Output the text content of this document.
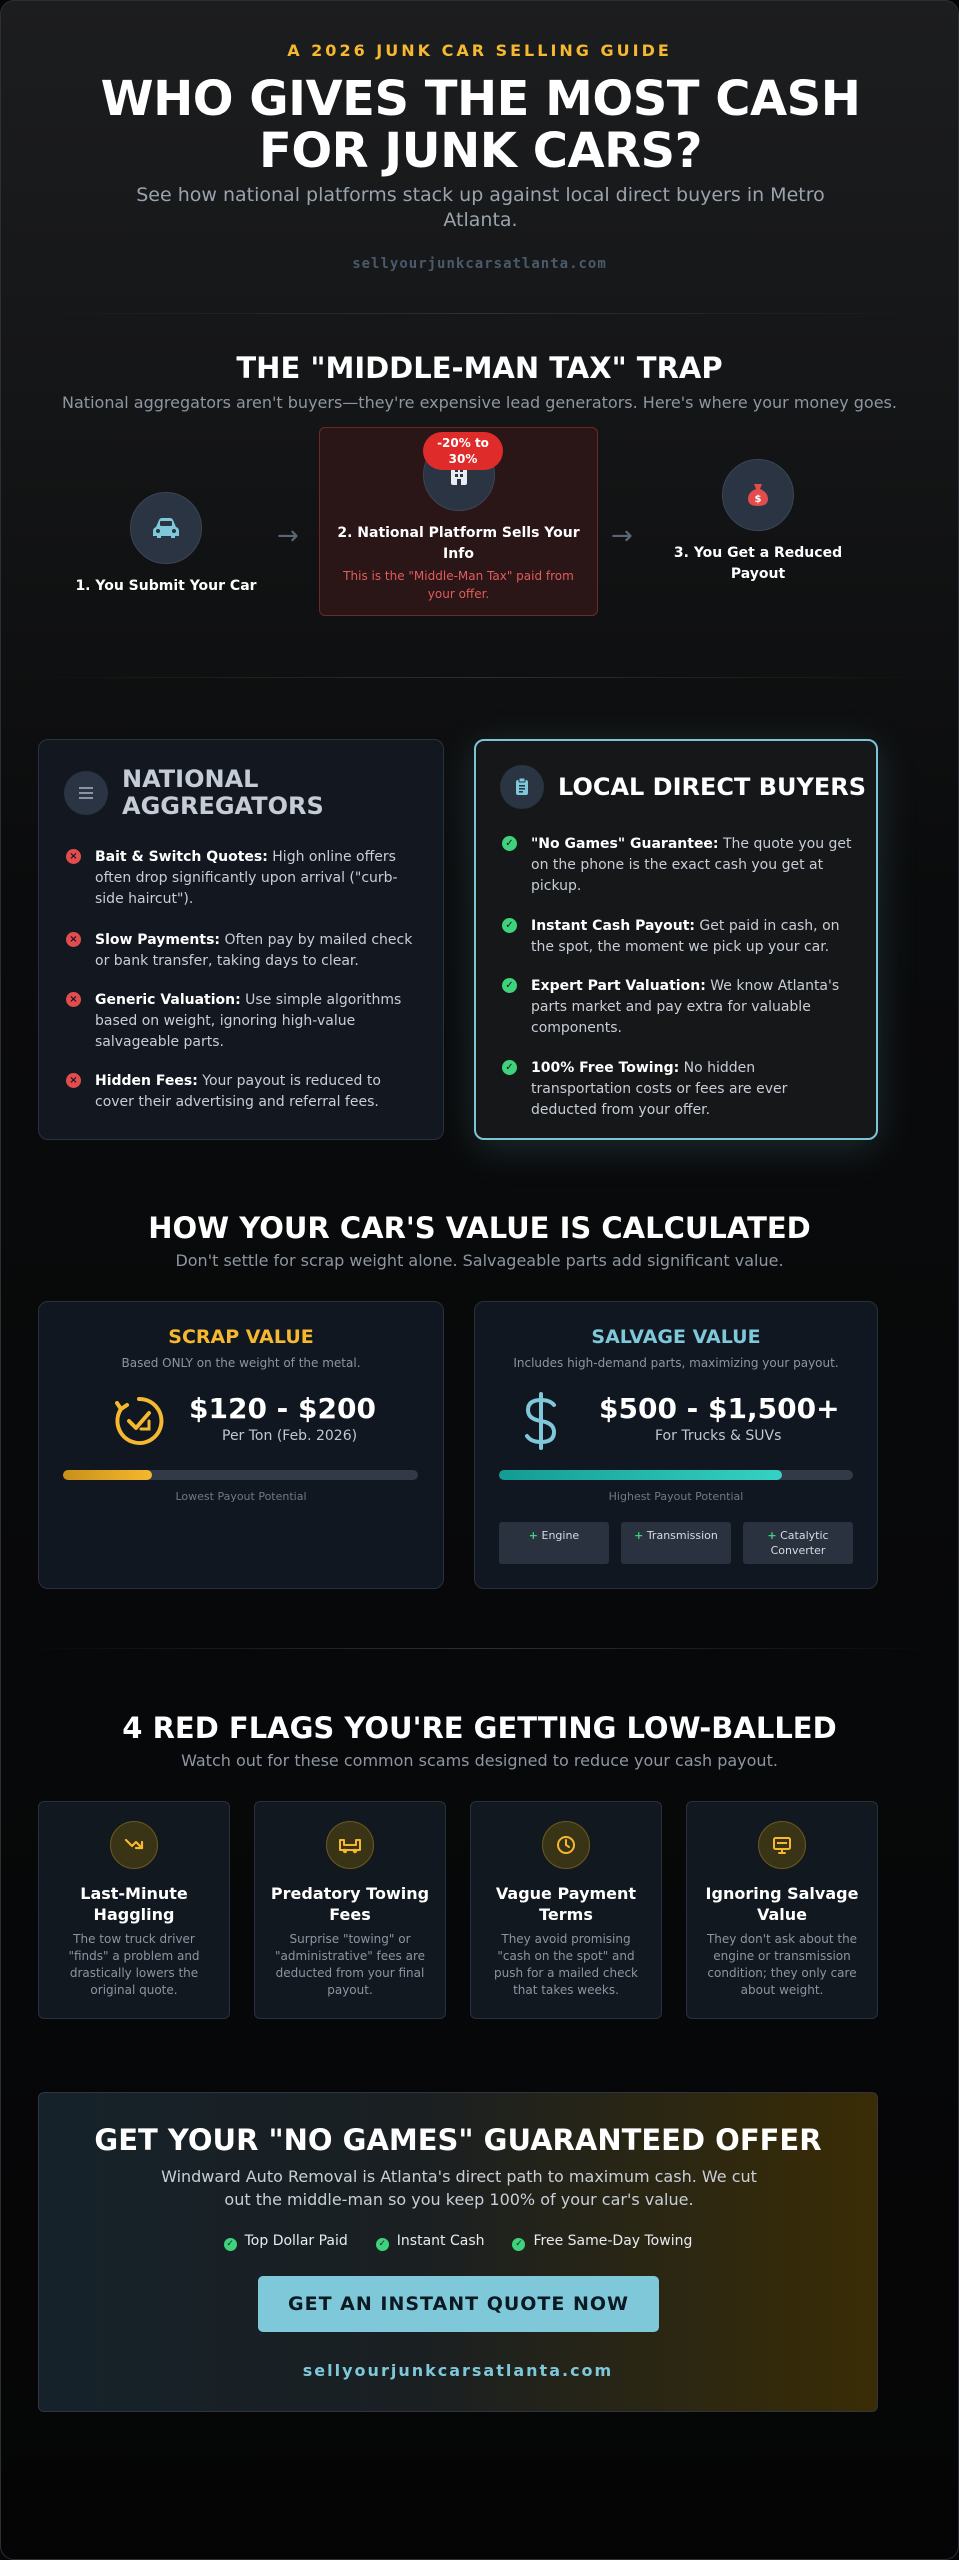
A 2026 JUNK CAR SELLING GUIDE
WHO GIVES THE MOST CASH FOR JUNK CARS?
See how national platforms stack up against local direct buyers in Metro Atlanta.
sellyourjunkcarsatlanta.com
THE "MIDDLE-MAN TAX" TRAP
National aggregators aren't buyers—they're expensive lead generators. Here's where your money goes.
1. You Submit Your Car
→	2. National Platform Sells Your Info
This is the "Middle-Man Tax" paid from your offer.
-20% to 30%
→
$
3. You Get a Reduced Payout
NATIONAL AGGREGATORS
× Bait & Switch Quotes: High online offers often drop significantly upon arrival ("curb-side haircut").
× Slow Payments: Often pay by mailed check or bank transfer, taking days to clear.
× Generic Valuation: Use simple algorithms based on weight, ignoring high-value salvageable parts.
× Hidden Fees: Your payout is reduced to cover their advertising and referral fees.
LOCAL DIRECT BUYERS
✓ "No Games" Guarantee: The quote you get on the phone is the exact cash you get at pickup.
✓ Instant Cash Payout: Get paid in cash, on the spot, the moment we pick up your car.
✓ Expert Part Valuation: We know Atlanta's parts market and pay extra for valuable components.
✓ 100% Free Towing: No hidden transportation costs or fees are ever deducted from your offer.
HOW YOUR CAR'S VALUE IS CALCULATED
Don't settle for scrap weight alone. Salvageable parts add significant value.
SCRAP VALUE
Based ONLY on the weight of the metal.
$120 - $200
Per Ton (Feb. 2026)
Lowest Payout Potential
SALVAGE VALUE
Includes high-demand parts, maximizing your payout.
$500 - $1,500+
For Trucks & SUVs
Highest Payout Potential
+ Engine	+ Transmission	+ Catalytic Converter
4 RED FLAGS YOU'RE GETTING LOW-BALLED
Watch out for these common scams designed to reduce your cash payout.
Last-Minute Haggling
The tow truck driver "finds" a problem and drastically lowers the original quote.
Predatory Towing Fees
Surprise "towing" or "administrative" fees are deducted from your final payout.
Vague Payment Terms
They avoid promising "cash on the spot" and push for a mailed check that takes weeks.
Ignoring Salvage Value
They don't ask about the engine or transmission condition; they only care about weight.
GET YOUR "NO GAMES" GUARANTEED OFFER
Windward Auto Removal is Atlanta's direct path to maximum cash. We cut out the middle-man so you keep 100% of your car's value.
✓ Top Dollar Paid	✓ Instant Cash	✓ Free Same-Day Towing
GET AN INSTANT QUOTE NOW
sellyourjunkcarsatlanta.com
